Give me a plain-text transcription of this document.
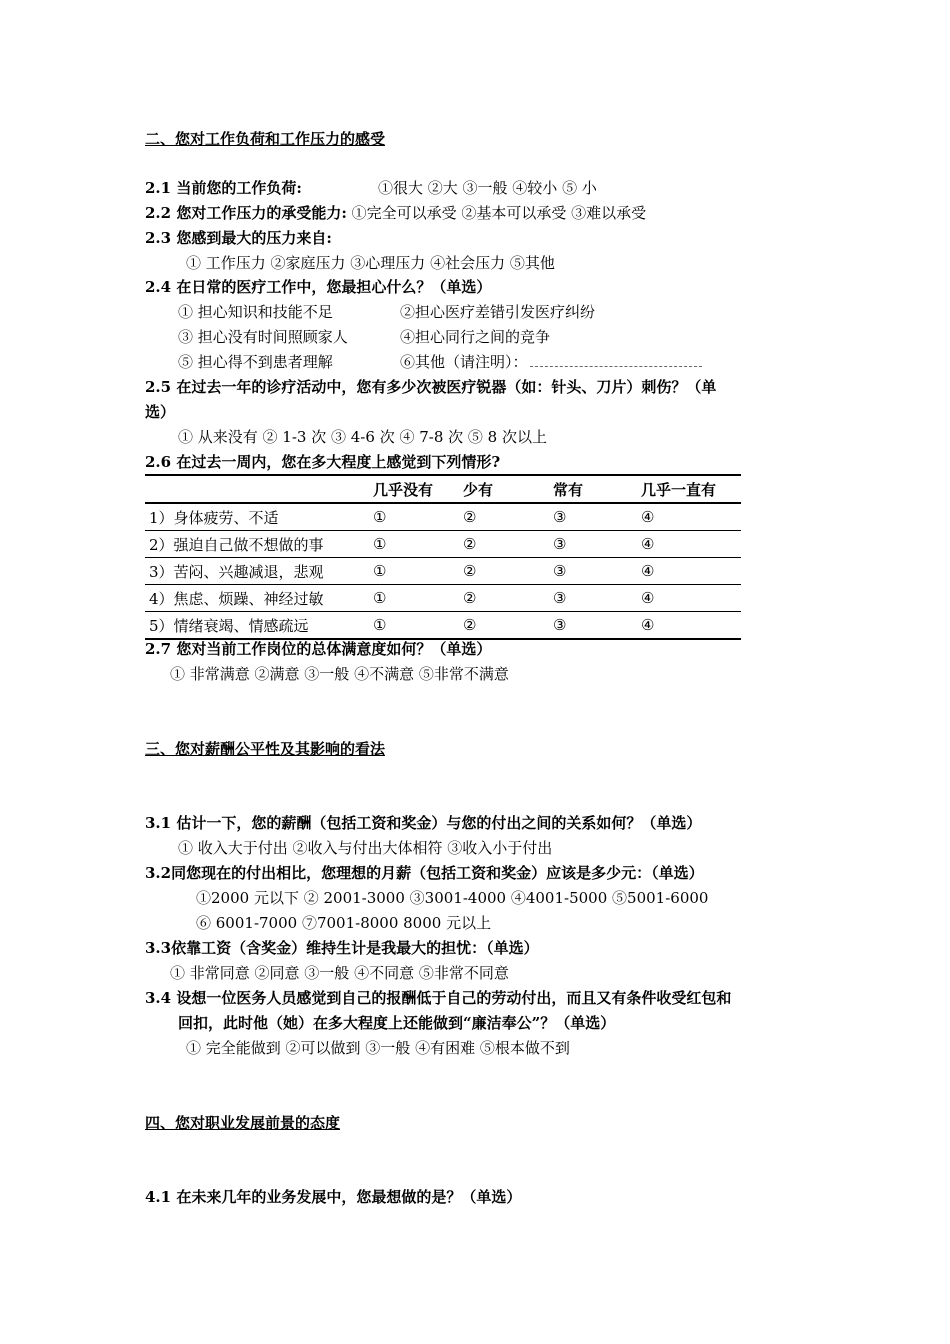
二、您对工作负荷和工作压力的感受
2.1 当前您的工作负荷:	①很大 ②大 ③一般 ④较小 ⑤ 小
2.2 您对工作压力的承受能力: ①完全可以承受 ②基本可以承受 ③难以承受
2.3 您感到最大的压力来自:
① 工作压力 ②家庭压力 ③心理压力 ④社会压力 ⑤其他
2.4 在日常的医疗工作中，您最担心什么？（单选）
① 担心知识和技能不足	②担心医疗差错引发医疗纠纷
③ 担心没有时间照顾家人	④担心同行之间的竞争
⑤ 担心得不到患者理解	⑥其他（请注明）：
2.5 在过去一年的诊疗活动中，您有多少次被医疗锐器（如：针头、刀片）刺伤？（单
选）
① 从来没有 ② 1-3 次 ③ 4-6 次 ④ 7-8 次 ⑤ 8 次以上
2.6 在过去一周内，您在多大程度上感觉到下列情形?
	几乎没有	少有	常有	几乎一直有
1）身体疲劳、不适	①	②	③	④
2）强迫自己做不想做的事	①	②	③	④
3）苦闷、兴趣减退，悲观	①	②	③	④
4）焦虑、烦躁、神经过敏	①	②	③	④
5）情绪衰竭、情感疏远	①	②	③	④
2.7 您对当前工作岗位的总体满意度如何？（单选）
① 非常满意 ②满意 ③一般 ④不满意 ⑤非常不满意
三、您对薪酬公平性及其影响的看法
3.1 估计一下，您的薪酬（包括工资和奖金）与您的付出之间的关系如何？（单选）
① 收入大于付出 ②收入与付出大体相符 ③收入小于付出
3.2同您现在的付出相比，您理想的月薪（包括工资和奖金）应该是多少元：（单选）
①2000 元以下 ② 2001-3000 ③3001-4000 ④4001-5000 ⑤5001-6000
⑥ 6001-7000 ⑦7001-8000 8000 元以上
3.3依靠工资（含奖金）维持生计是我最大的担忧：（单选）
① 非常同意 ②同意 ③一般 ④不同意 ⑤非常不同意
3.4 设想一位医务人员感觉到自己的报酬低于自己的劳动付出，而且又有条件收受红包和
回扣，此时他（她）在多大程度上还能做到“廉洁奉公”？（单选）
① 完全能做到 ②可以做到 ③一般 ④有困难 ⑤根本做不到
四、您对职业发展前景的态度
4.1 在未来几年的业务发展中，您最想做的是？（单选）
